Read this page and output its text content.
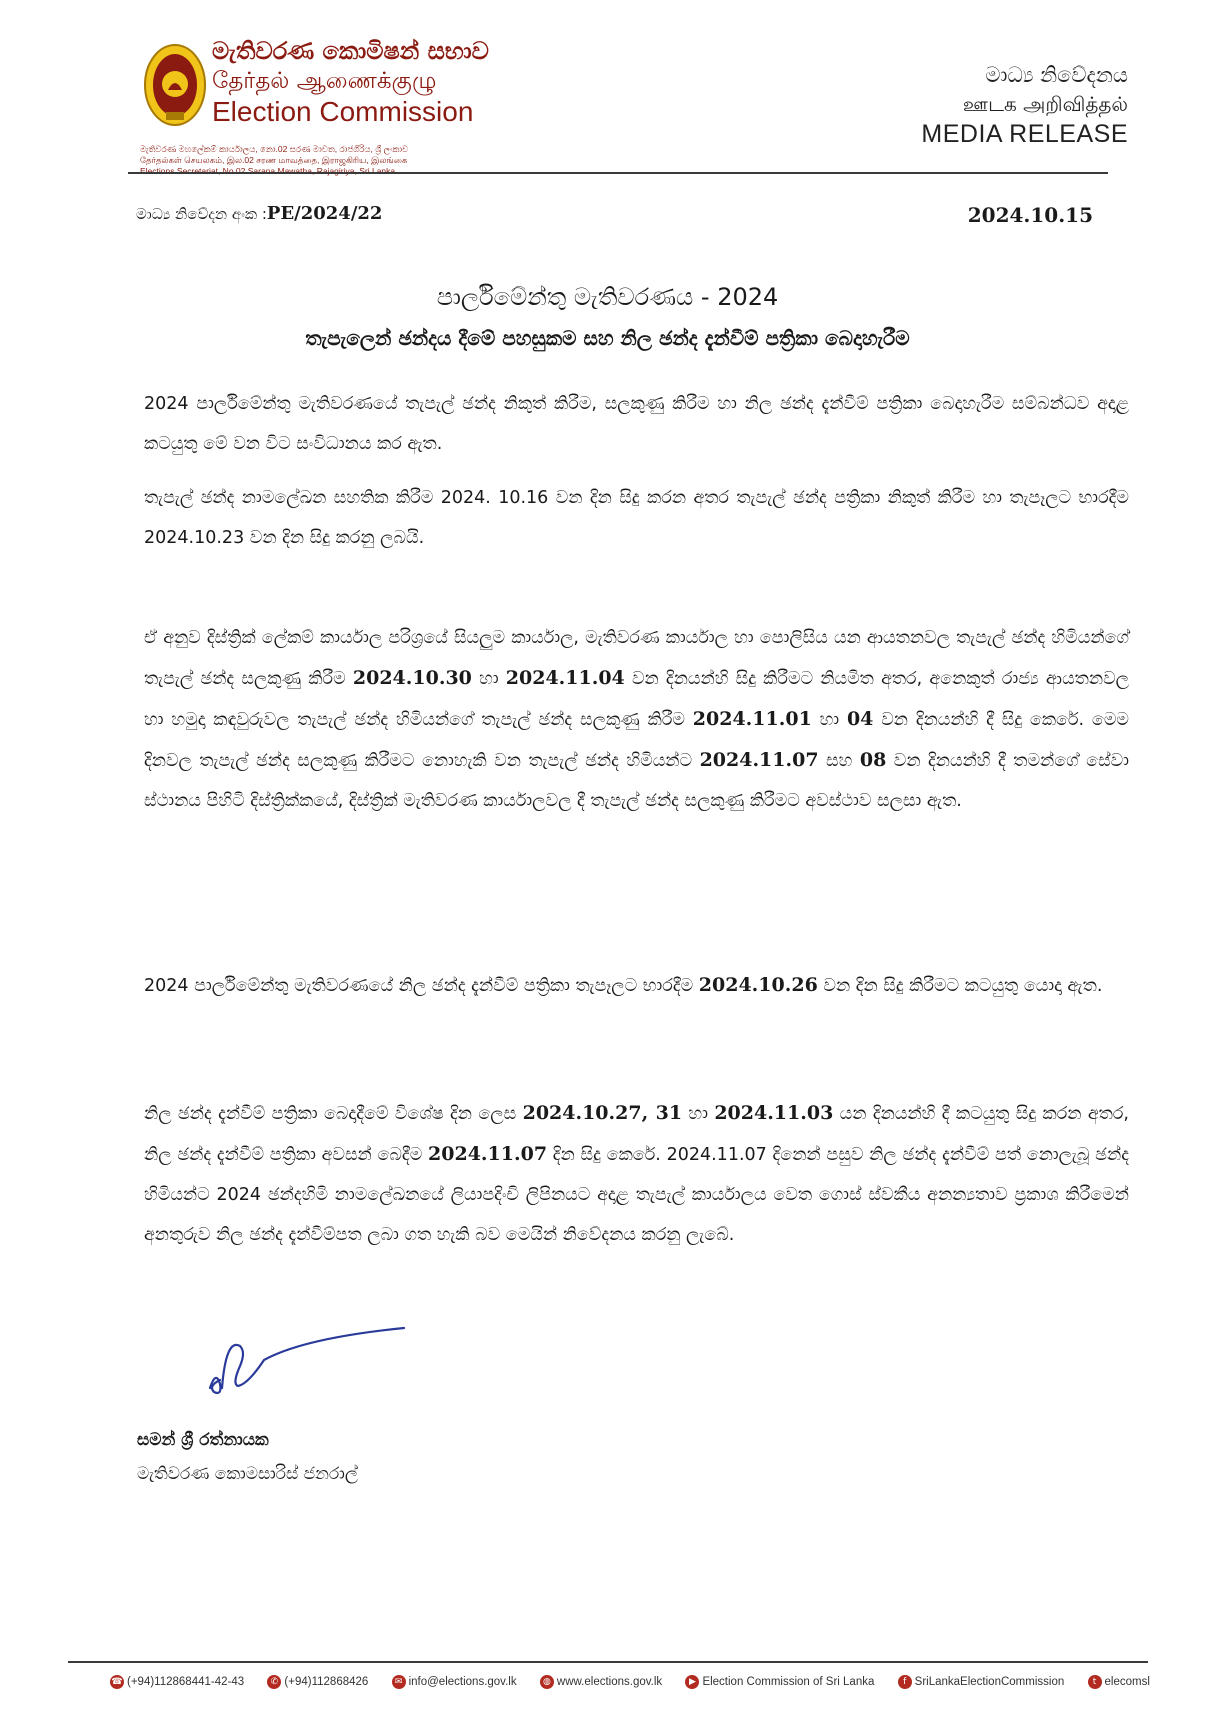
මැතිවරණ කොමිෂන් සභාව
தேர்தல் ஆணைக்குழு
Election Commission
මැතිවරණ මහලේකම් කාර්යාලය, නො.02 සරණ මාවත, රාජගිරිය, ශ්‍රී ලංකාව
தேர்தல்கள் செயலகம், இல.02 சரண மாவத்தை, இராஜகிரிய, இலங்கை
Elections Secretariat, No.02 Sarana Mawatha, Rajagiriya, Sri Lanka
මාධ්‍ය නිවේදනය
ஊடக அறிவித்தல்
MEDIA RELEASE
මාධ්‍ය නිවේදන අංක :PE/2024/22	2024.10.15
පාර්ලිමේන්තු මැතිවරණය - 2024
තැපැලෙන් ඡන්දය දීමේ පහසුකම සහ නිල ඡන්ද දැන්වීම් පත්‍රිකා බෙදාහැරීම
2024 පාර්ලිමේන්තු මැතිවරණයේ තැපැල් ඡන්ද නිකුත් කිරීම, සලකුණු කිරීම හා නිල ඡන්ද දැන්වීම් පත්‍රිකා බෙදාහැරීම සම්බන්ධව අදාළ කටයුතු මේ වන විට සංවිධානය කර ඇත.
තැපැල් ඡන්ද නාමලේඛන සහතික කිරීම 2024. 10.16 වන දින සිදු කරන අතර තැපැල් ඡන්ද පත්‍රිකා නිකුත් කිරීම හා තැපෑලට භාරදීම 2024.10.23 වන දින සිදු කරනු ලබයි.
ඒ අනුව දිස්ත්‍රික් ලේකම් කාර්යාල පරිශ්‍රයේ සියලුම කාර්යාල, මැතිවරණ කාර්යාල හා පොලිසිය යන ආයතනවල තැපැල් ඡන්ද හිමියන්ගේ තැපැල් ඡන්ද සලකුණු කිරීම 2024.10.30 හා 2024.11.04 වන දිනයන්හි සිදු කිරීමට නියමිත අතර, අනෙකුත් රාජ්‍ය ආයතනවල හා හමුදා කඳවුරුවල තැපැල් ඡන්ද හිමියන්ගේ තැපැල් ඡන්ද සලකුණු කිරීම 2024.11.01 හා 04 වන දිනයන්හි දී සිදු කෙරේ. මෙම දිනවල තැපැල් ඡන්ද සලකුණු කිරීමට නොහැකි වන තැපැල් ඡන්ද හිමියන්ට 2024.11.07 සහ 08 වන දිනයන්හි දී තමන්ගේ සේවා ස්ථානය පිහිටි දිස්ත්‍රික්කයේ, දිස්ත්‍රික් මැතිවරණ කාර්යාලවල දී තැපැල් ඡන්ද සලකුණු කිරීමට අවස්ථාව සලසා ඇත.
2024 පාර්ලිමේන්තු මැතිවරණයේ නිල ඡන්ද දැන්වීම් පත්‍රිකා තැපෑලට භාරදීම 2024.10.26 වන දින සිදු කිරීමට කටයුතු යොදා ඇත.
නිල ඡන්ද දැන්වීම් පත්‍රිකා බෙදාදීමේ විශේෂ දින ලෙස 2024.10.27, 31 හා 2024.11.03 යන දිනයන්හි දී කටයුතු සිදු කරන අතර, නිල ඡන්ද දැන්වීම් පත්‍රිකා අවසන් බෙදීම 2024.11.07 දින සිදු කෙරේ. 2024.11.07 දිනෙන් පසුව නිල ඡන්ද දැන්වීම් පත් නොලැබූ ඡන්ද හිමියන්ට 2024 ඡන්දහිමි නාමලේඛනයේ ලියාපදිංචි ලිපිනයට අදාළ තැපැල් කාර්යාලය වෙත ගොස් ස්වකීය අනන්‍යතාව ප්‍රකාශ කිරීමෙන් අනතුරුව නිල ඡන්ද දැන්වීම්පත ලබා ගත හැකි බව මෙයින් නිවේදනය කරනු ලැබේ.
සමන් ශ්‍රී රත්නායක
මැතිවරණ කොමසාරිස් ජනරාල්
☎ (+94)112868441-42-43	✆ (+94)112868426	✉ info@elections.gov.lk	◍ www.elections.gov.lk	▶ Election Commission of Sri Lanka	f SriLankaElectionCommission	t elecomsl
